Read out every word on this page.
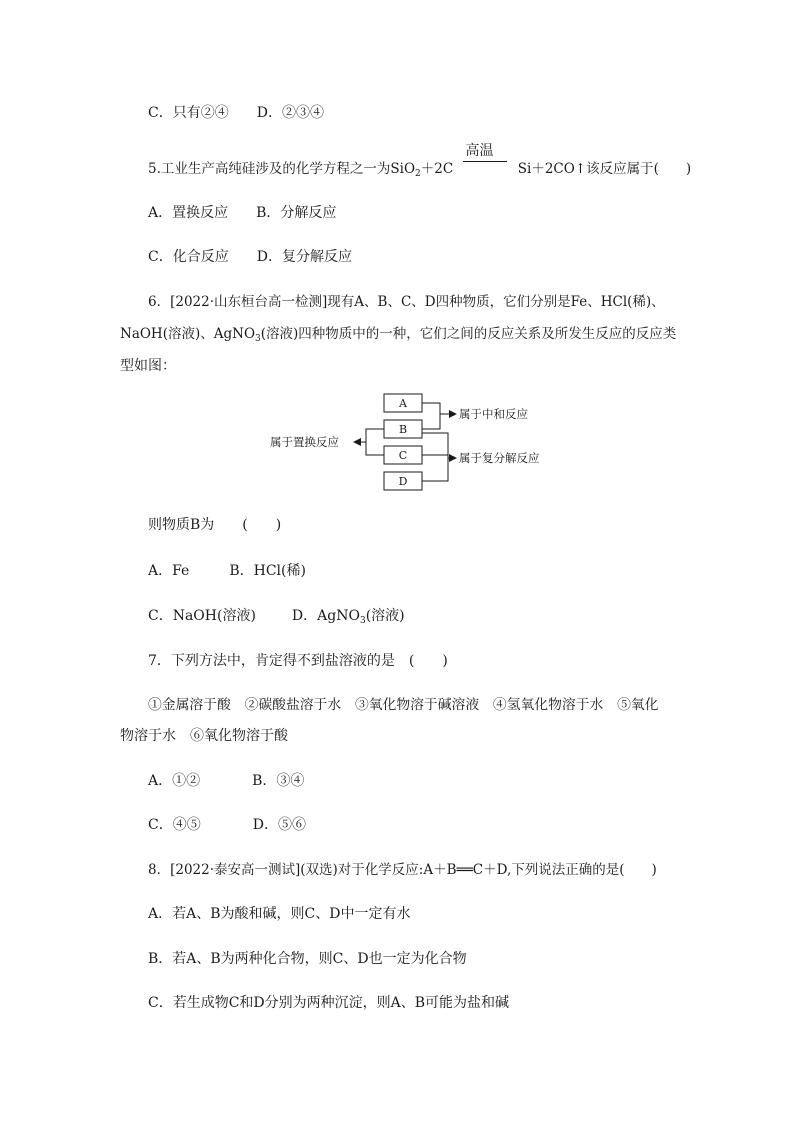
C．只有②④ D．②③④
5.工业生产高纯硅涉及的化学方程之一为SiO$_2$＋2C
高温
Si＋2CO↑该反应属于(　　)
A．置换反应 B．分解反应
C．化合反应 D．复分解反应
6．[2022·山东桓台高一检测]现有A、B、C、D四种物质，它们分别是Fe、HCl(稀)、
NaOH(溶液)、AgNO$_3$(溶液)四种物质中的一种，它们之间的反应关系及所发生反应的反应类
型如图：
A
B
C
D
属于置换反应
属于中和反应
属于复分解反应
则物质B为　　(　　)
A．Fe	B．HCl(稀)
C．NaOH(溶液)	D．AgNO$_3$(溶液)
7．下列方法中，肯定得不到盐溶液的是　(　　)
①金属溶于酸　②碳酸盐溶于水　③氧化物溶于碱溶液　④氢氧化物溶于水　⑤氧化
物溶于水　⑥氧化物溶于酸
A．①②	B．③④
C．④⑤	D．⑤⑥
8．[2022·泰安高一测试](双选)对于化学反应:A＋B══C＋D,下列说法正确的是(　　)
A．若A、B为酸和碱，则C、D中一定有水
B．若A、B为两种化合物，则C、D也一定为化合物
C．若生成物C和D分别为两种沉淀，则A、B可能为盐和碱
